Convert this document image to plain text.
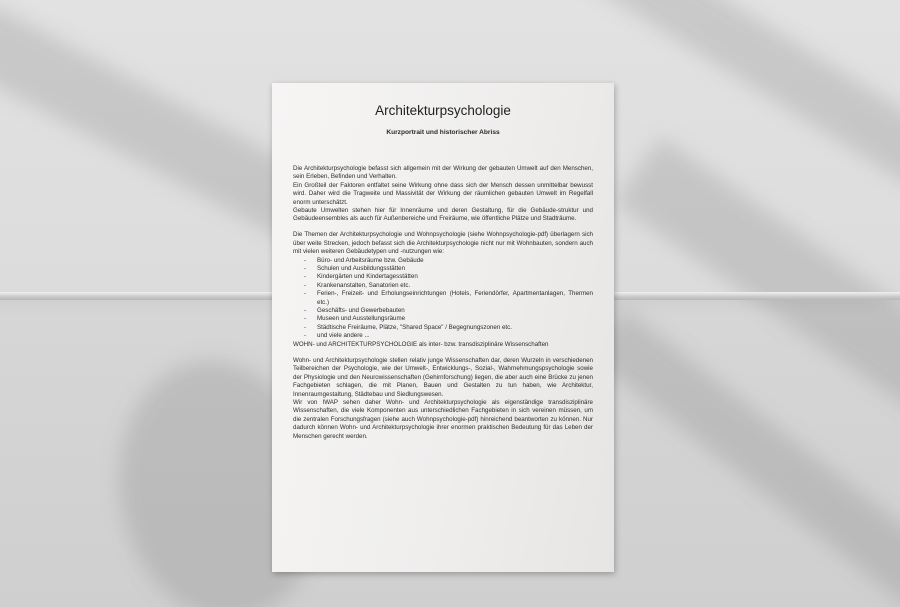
Architekturpsychologie
Kurzportrait und historischer Abriss

Die Architekturpsychologie befasst sich allgemein mit der Wirkung der gebauten Umwelt auf den Menschen, sein Erleben, Befinden und Verhalten.

Ein Großteil der Faktoren entfaltet seine Wirkung ohne dass sich der Mensch dessen unmittelbar bewusst wird. Daher wird die Tragweite und Massivität der Wirkung der räumlichen gebauten Umwelt im Regelfall enorm unterschätzt.

Gebaute Umwelten stehen hier für Innenräume und deren Gestaltung, für die Gebäude-struktur und Gebäudeensembles als auch für Außenbereiche und Freiräume, wie öffentliche Plätze und Stadträume.

Die Themen der Architekturpsychologie und Wohnpsychologie (siehe Wohnpsychologie-pdf) überlagern sich über weite Strecken, jedoch befasst sich die Architekturpsychologie nicht nur mit Wohnbauten, sondern auch mit vielen weiteren Gebäudetypen und -nutzungen wie:

- Büro- und Arbeitsräume bzw. Gebäude
- Schulen und Ausbildungsstätten
- Kindergärten und Kindertagesstätten
- Krankenanstalten, Sanatorien etc.
- Ferien-, Freizeit- und Erholungseinrichtungen (Hotels, Feriendörfer, Apartmentanlagen, Thermen etc.)
- Geschäfts- und Gewerbebauten
- Museen und Ausstellungsräume
- Städtische Freiräume, Plätze, "Shared Space" / Begegnungszonen etc.
- und viele andere ...

WOHN- und ARCHITEKTURPSYCHOLOGIE als inter- bzw. transdisziplinäre Wissenschaften

Wohn- und Architekturpsychologie stellen relativ junge Wissenschaften dar, deren Wurzeln in verschiedenen Teilbereichen der Psychologie, wie der Umwelt-, Entwicklungs-, Sozial-, Wahrnehmungspsychologie sowie der Physiologie und den Neurowissenschaften (Gehirnforschung) liegen, die aber auch eine Brücke zu jenen Fachgebieten schlagen, die mit Planen, Bauen und Gestalten zu tun haben, wie Architektur, Innenraumgestaltung, Städtebau und Siedlungswesen.

Wir von IWAP sehen daher Wohn- und Architekturpsychologie als eigenständige transdisziplinäre Wissenschaften, die viele Komponenten aus unterschiedlichen Fachgebieten in sich vereinen müssen, um die zentralen Forschungsfragen (siehe auch Wohnpsychologie-pdf) hinreichend beantworten zu können. Nur dadurch können Wohn- und Architekturpsychologie ihrer enormen praktischen Bedeutung für das Leben der Menschen gerecht werden.
